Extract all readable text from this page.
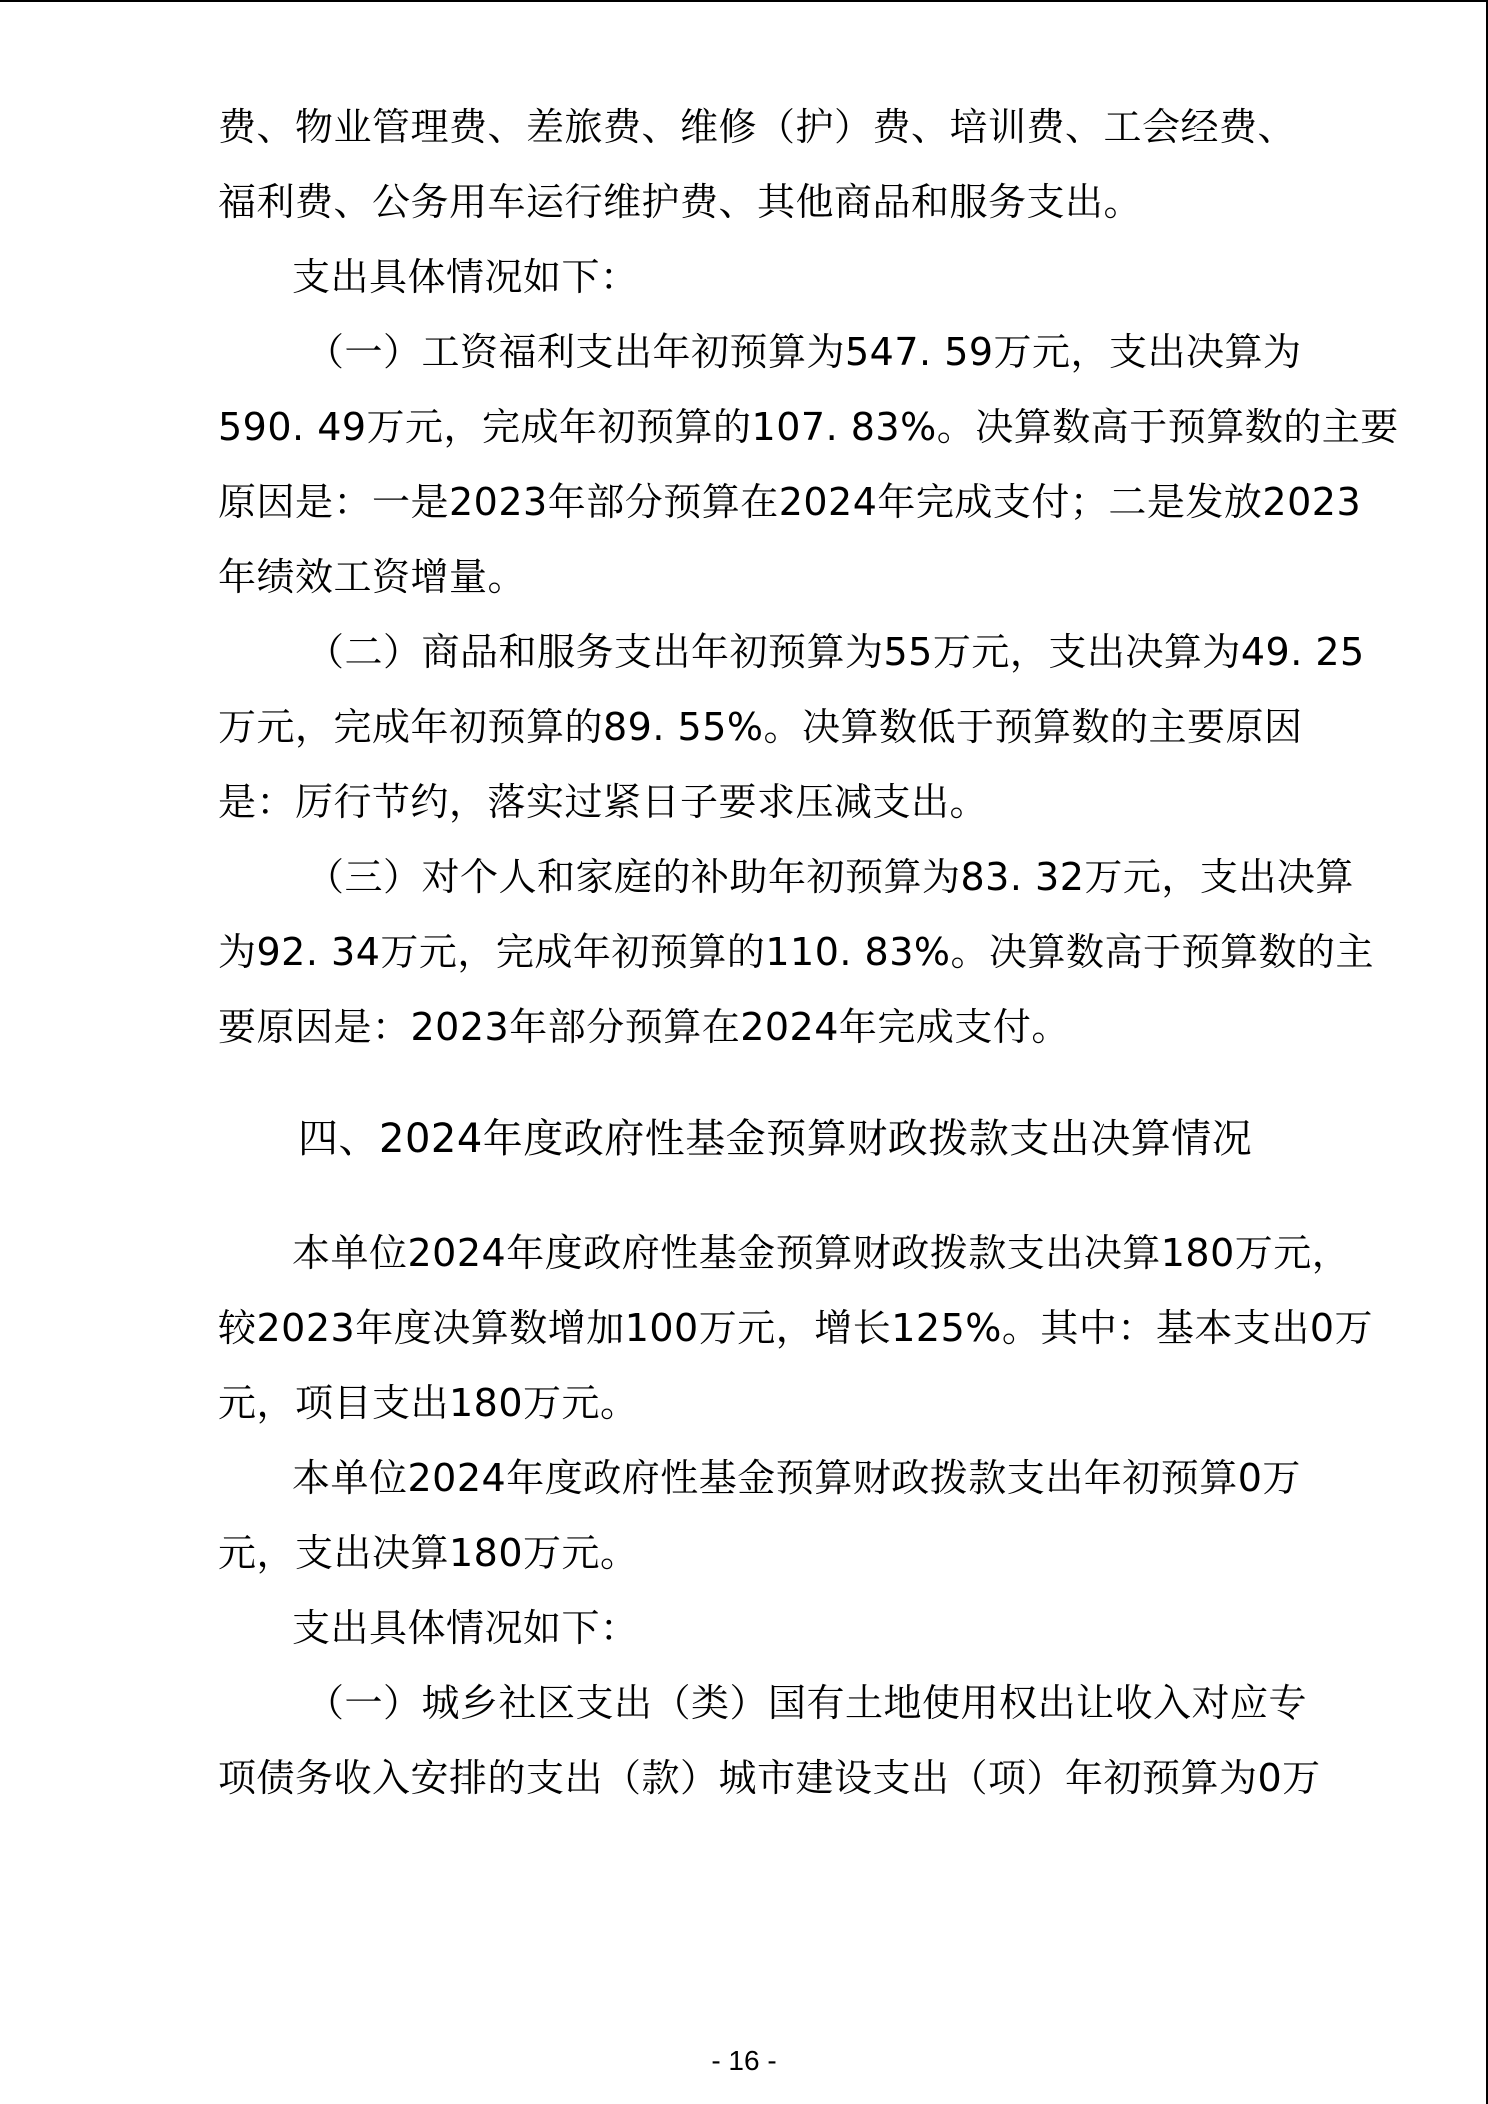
费、物业管理费、差旅费、维修（护）费、培训费、工会经费、
福利费、公务用车运行维护费、其他商品和服务支出。
支出具体情况如下：
（一）工资福利支出年初预算为547. 59万元，支出决算为
590. 49万元，完成年初预算的107. 83%。决算数高于预算数的主要
原因是：一是2023年部分预算在2024年完成支付；二是发放2023
年绩效工资增量。
（二）商品和服务支出年初预算为55万元，支出决算为49. 25
万元，完成年初预算的89. 55%。决算数低于预算数的主要原因
是：厉行节约，落实过紧日子要求压减支出。
（三）对个人和家庭的补助年初预算为83. 32万元，支出决算
为92. 34万元，完成年初预算的110. 83%。决算数高于预算数的主
要原因是：2023年部分预算在2024年完成支付。
四、2024年度政府性基金预算财政拨款支出决算情况
本单位2024年度政府性基金预算财政拨款支出决算180万元，
较2023年度决算数增加100万元，增长125%。其中：基本支出0万
元，项目支出180万元。
本单位2024年度政府性基金预算财政拨款支出年初预算0万
元，支出决算180万元。
支出具体情况如下：
（一）城乡社区支出（类）国有土地使用权出让收入对应专
项债务收入安排的支出（款）城市建设支出（项）年初预算为0万
- 16 -
